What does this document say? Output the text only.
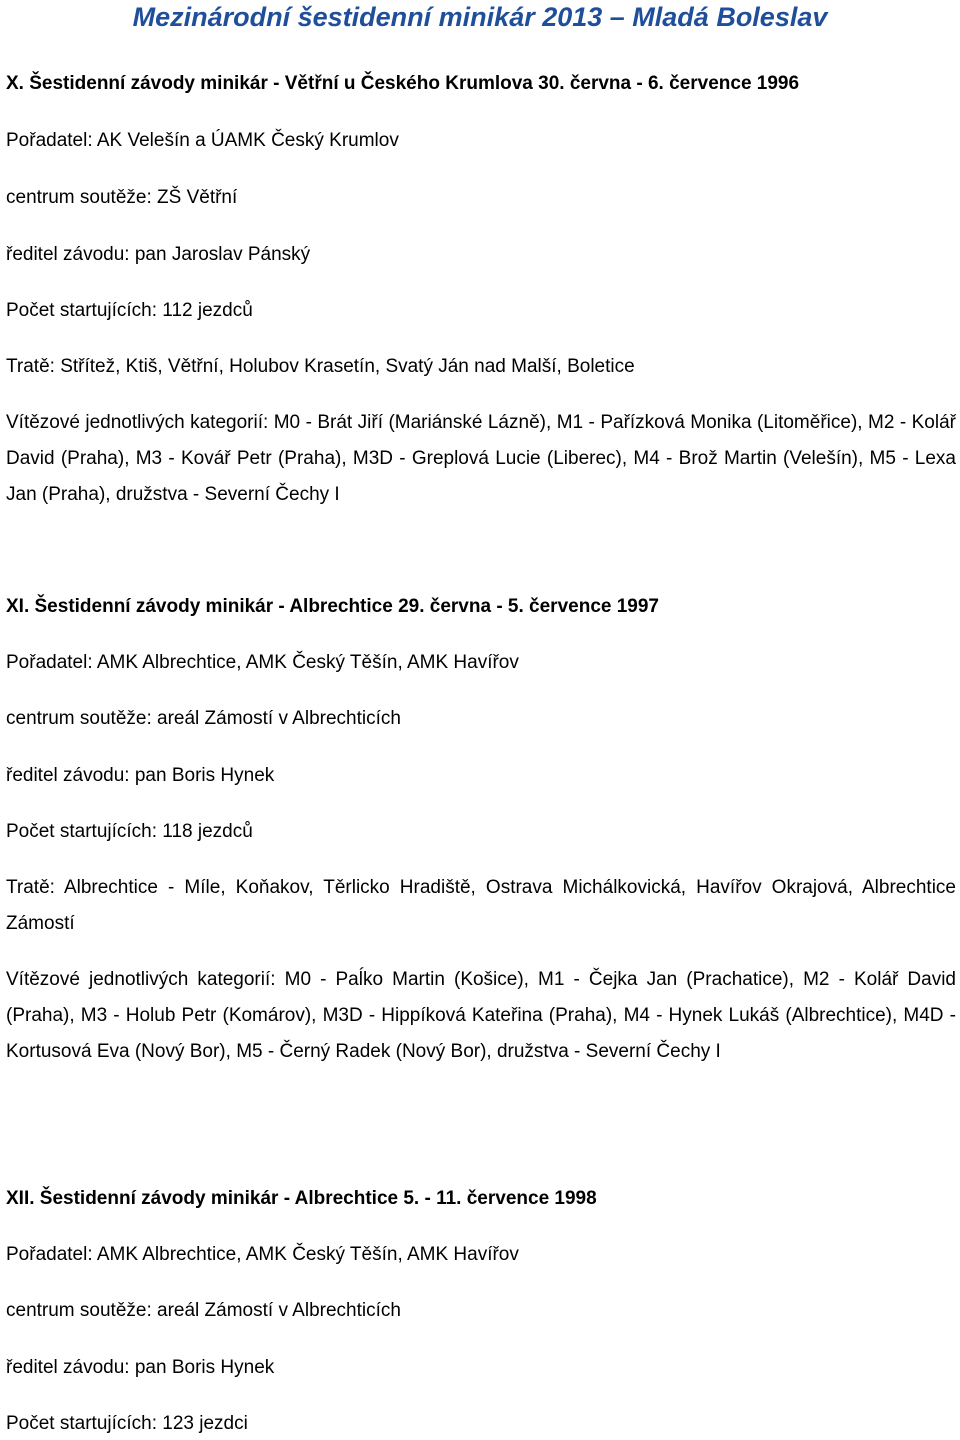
Mezinárodní šestidenní minikár 2013 – Mladá Boleslav
X. Šestidenní závody minikár - Větřní u Českého Krumlova 30. června - 6. července 1996
Pořadatel: AK Velešín a ÚAMK Český Krumlov
centrum soutěže: ZŠ Větřní
ředitel závodu: pan Jaroslav Pánský
Počet startujících: 112 jezdců
Tratě: Střítež, Ktiš, Větřní, Holubov Krasetín, Svatý Ján nad Malší, Boletice
Vítězové jednotlivých kategorií: M0 - Brát Jiří (Mariánské Lázně), M1 - Pařízková Monika (Litoměřice), M2 - Kolář David (Praha), M3 - Kovář Petr (Praha), M3D - Greplová Lucie (Liberec), M4 - Brož Martin (Velešín), M5 - Lexa Jan (Praha), družstva - Severní Čechy I
XI. Šestidenní závody minikár - Albrechtice 29. června - 5. července 1997
Pořadatel: AMK Albrechtice, AMK Český Těšín, AMK Havířov
centrum soutěže: areál Zámostí v Albrechticích
ředitel závodu: pan Boris Hynek
Počet startujících: 118 jezdců
Tratě: Albrechtice - Míle, Koňakov, Těrlicko Hradiště, Ostrava Michálkovická, Havířov Okrajová, Albrechtice Zámostí
Vítězové jednotlivých kategorií: M0 - Paĺko Martin (Košice), M1 - Čejka Jan (Prachatice), M2 - Kolář David (Praha), M3 - Holub Petr (Komárov), M3D - Hippíková Kateřina (Praha), M4 - Hynek Lukáš (Albrechtice), M4D - Kortusová Eva (Nový Bor), M5 - Černý Radek (Nový Bor), družstva - Severní Čechy I
XII. Šestidenní závody minikár - Albrechtice 5. - 11. července 1998
Pořadatel: AMK Albrechtice, AMK Český Těšín, AMK Havířov
centrum soutěže: areál Zámostí v Albrechticích
ředitel závodu: pan Boris Hynek
Počet startujících: 123 jezdci
